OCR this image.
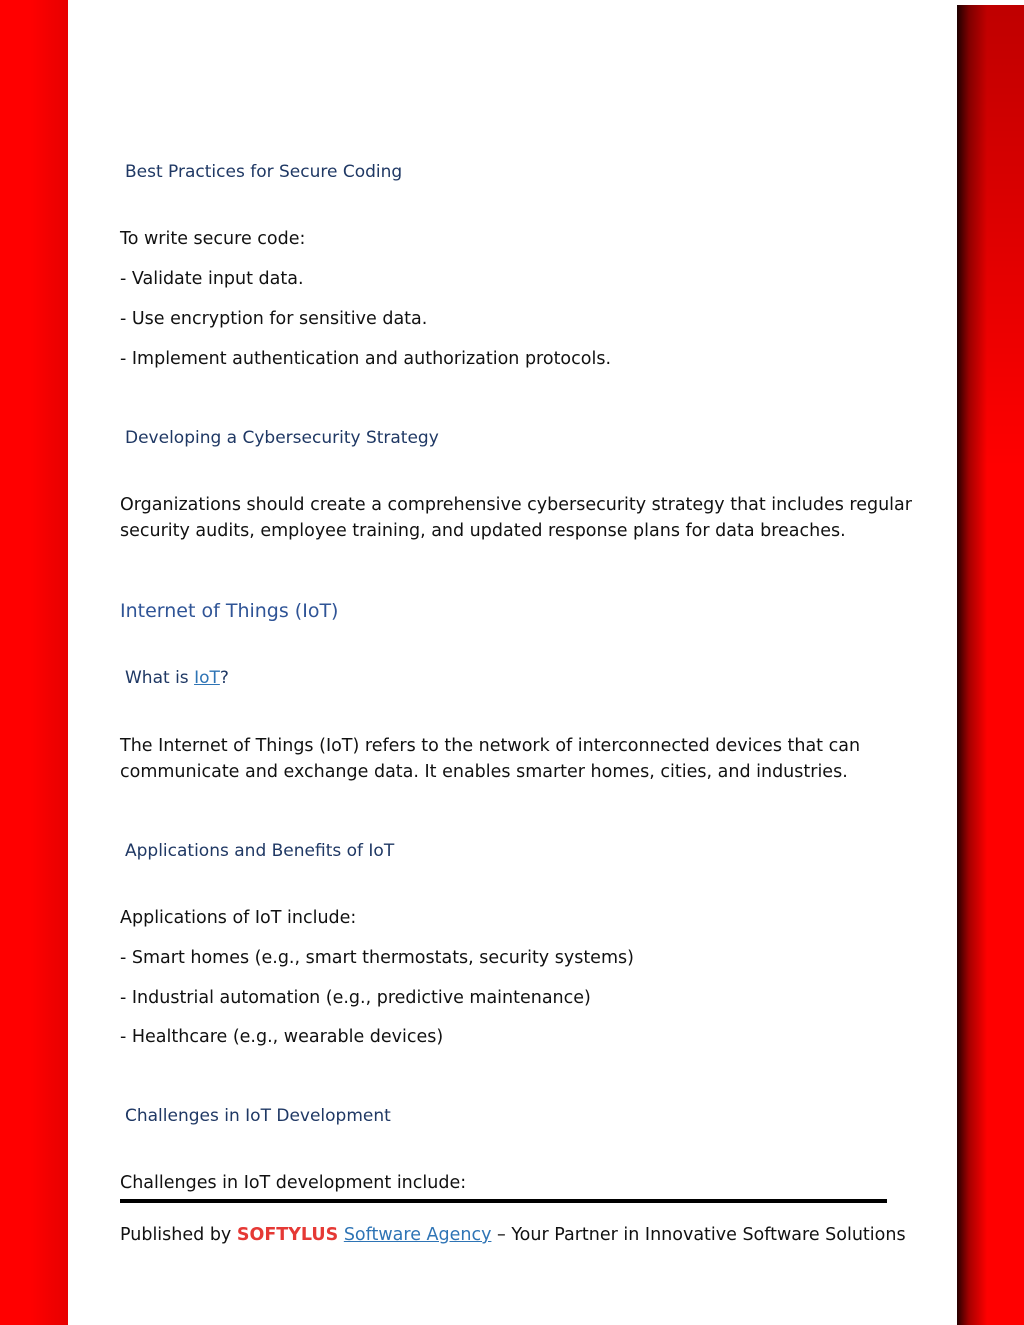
Best Practices for Secure Coding
To write secure code:
- Validate input data.
- Use encryption for sensitive data.
- Implement authentication and authorization protocols.
Developing a Cybersecurity Strategy
Organizations should create a comprehensive cybersecurity strategy that includes regular
security audits, employee training, and updated response plans for data breaches.
Internet of Things (IoT)
What is IoT?
The Internet of Things (IoT) refers to the network of interconnected devices that can
communicate and exchange data. It enables smarter homes, cities, and industries.
Applications and Benefits of IoT
Applications of IoT include:
- Smart homes (e.g., smart thermostats, security systems)
- Industrial automation (e.g., predictive maintenance)
- Healthcare (e.g., wearable devices)
Challenges in IoT Development
Challenges in IoT development include:
Published by SOFTYLUS Software Agency – Your Partner in Innovative Software Solutions
